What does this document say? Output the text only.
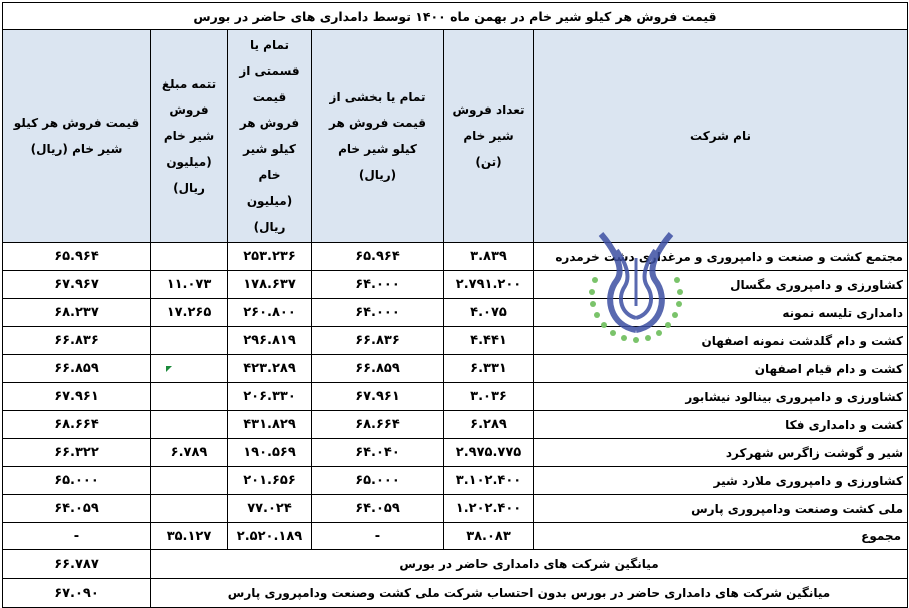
قیمت فروش هر کیلو شیر خام در بهمن ماه ۱۴۰۰ توسط دامداری های حاضر در بورس					
نام شرکت	تعداد فروش شیر خام (تن)	تمام یا بخشی از قیمت فروش هر کیلو شیر خام (ریال)	تمام یا قسمتی از قیمت فروش هر کیلو شیر خام (میلیون ریال)	تتمه مبلغ فروش شیر خام (میلیون ریال)	قیمت فروش هر کیلو شیر خام (ریال)
مجتمع کشت و صنعت و دامپروری و مرغداری دشت خرمدره	۳.۸۳۹	۶۵.۹۶۴	۲۵۳.۲۳۶		۶۵.۹۶۴
کشاورزی و دامپروری مگسال	۲.۷۹۱.۲۰۰	۶۴.۰۰۰	۱۷۸.۶۳۷	۱۱.۰۷۳	۶۷.۹۶۷
دامداری تلیسه نمونه	۴.۰۷۵	۶۴.۰۰۰	۲۶۰.۸۰۰	۱۷.۲۶۵	۶۸.۲۳۷
کشت و دام گلدشت نمونه اصفهان	۴.۴۴۱	۶۶.۸۳۶	۲۹۶.۸۱۹		۶۶.۸۳۶
کشت و دام قیام اصفهان	۶.۳۳۱	۶۶.۸۵۹	۴۲۳.۲۸۹		۶۶.۸۵۹
کشاورزی و دامپروری بینالود نیشابور	۳.۰۳۶	۶۷.۹۶۱	۲۰۶.۳۳۰		۶۷.۹۶۱
کشت و دامداری فکا	۶.۲۸۹	۶۸.۶۶۴	۴۳۱.۸۲۹		۶۸.۶۶۴
شیر و گوشت زاگرس شهرکرد	۲.۹۷۵.۷۷۵	۶۴.۰۴۰	۱۹۰.۵۶۹	۶.۷۸۹	۶۶.۳۲۲
کشاورزی و دامپروری ملارد شیر	۳.۱۰۲.۴۰۰	۶۵.۰۰۰	۲۰۱.۶۵۶		۶۵.۰۰۰
ملی کشت وصنعت ودامپروری پارس	۱.۲۰۲.۴۰۰	۶۴.۰۵۹	۷۷.۰۲۴		۶۴.۰۵۹
مجموع	۳۸.۰۸۳	-	۲.۵۲۰.۱۸۹	۳۵.۱۲۷	-
میانگین شرکت های دامداری حاضر در بورس					۶۶.۷۸۷
میانگین شرکت های دامداری حاضر در بورس بدون احتساب شرکت ملی کشت وصنعت ودامپروری پارس					۶۷.۰۹۰
